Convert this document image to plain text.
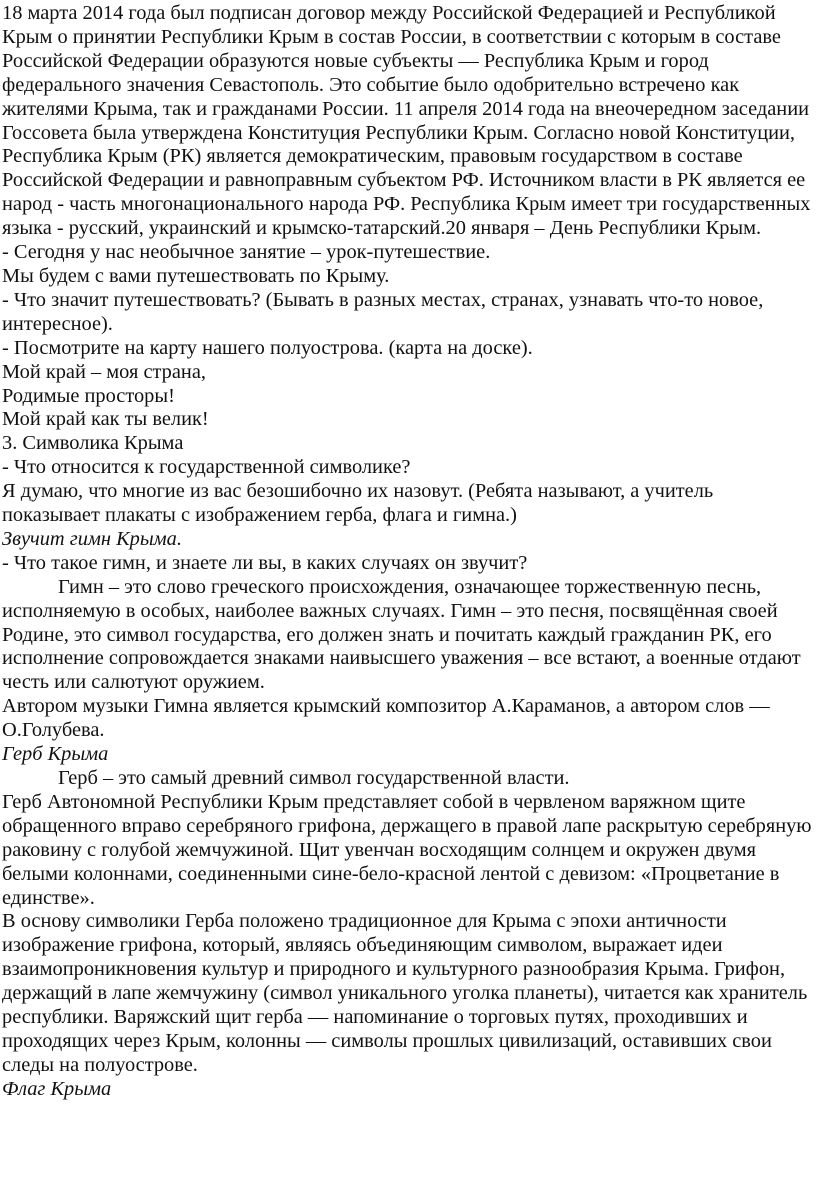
18 марта 2014 года был подписан договор между Российской Федерацией и Республикой Крым о принятии Республики Крым в состав России, в соответствии с которым в составе Российской Федерации образуются новые субъекты — Республика Крым и город федерального значения Севастополь. Это событие было одобрительно встречено как жителями Крыма, так и гражданами России. 11 апреля 2014 года на внеочередном заседании Госсовета была утверждена Конституция Республики Крым. Согласно новой Конституции, Республика Крым (РК) является демократическим, правовым государством в составе Российской Федерации и равноправным субъектом РФ. Источником власти в РК является ее народ - часть многонационального народа РФ. Республика Крым имеет три государственных языка - русский, украинский и крымско-татарский.20 января – День Республики Крым.

- Сегодня у нас необычное занятие – урок-путешествие.

Мы будем с вами путешествовать по Крыму.

- Что значит путешествовать? (Бывать в разных местах, странах, узнавать что-то новое, интересное).

- Посмотрите на карту нашего полуострова. (карта на доске).

Мой край – моя страна,

Родимые просторы!

Мой край как ты велик!

3. Символика Крыма

- Что относится к государственной символике?

Я думаю, что многие из вас безошибочно их назовут. (Ребята называют, а учитель показывает плакаты с изображением герба, флага и гимна.)

Звучит гимн Крыма.

- Что такое гимн, и знаете ли вы, в каких случаях он звучит?

Гимн – это слово греческого происхождения, означающее торжественную песнь, исполняемую в особых, наиболее важных случаях. Гимн – это песня, посвящённая своей Родине, это символ государства, его должен знать и почитать каждый гражданин РК, его исполнение сопровождается знаками наивысшего уважения – все встают, а военные отдают честь или салютуют оружием.

Автором музыки Гимна является крымский композитор А.Караманов, а автором слов — О.Голубева.

Герб Крыма

Герб – это самый древний символ государственной власти.

Герб Автономной Республики Крым представляет собой в червленом варяжном щите обращенного вправо серебряного грифона, держащего в правой лапе раскрытую серебряную раковину с голубой жемчужиной. Щит увенчан восходящим солнцем и окружен двумя белыми колоннами, соединенными сине-бело-красной лентой с девизом: «Процветание в единстве».

В основу символики Герба положено традиционное для Крыма с эпохи античности изображение грифона, который, являясь объединяющим символом, выражает идеи взаимопроникновения культур и природного и культурного разнообразия Крыма. Грифон, держащий в лапе жемчужину (символ уникального уголка планеты), читается как хранитель республики. Варяжский щит герба — напоминание о торговых путях, проходивших и проходящих через Крым, колонны — символы прошлых цивилизаций, оставивших свои следы на полуострове.

Флаг Крыма
